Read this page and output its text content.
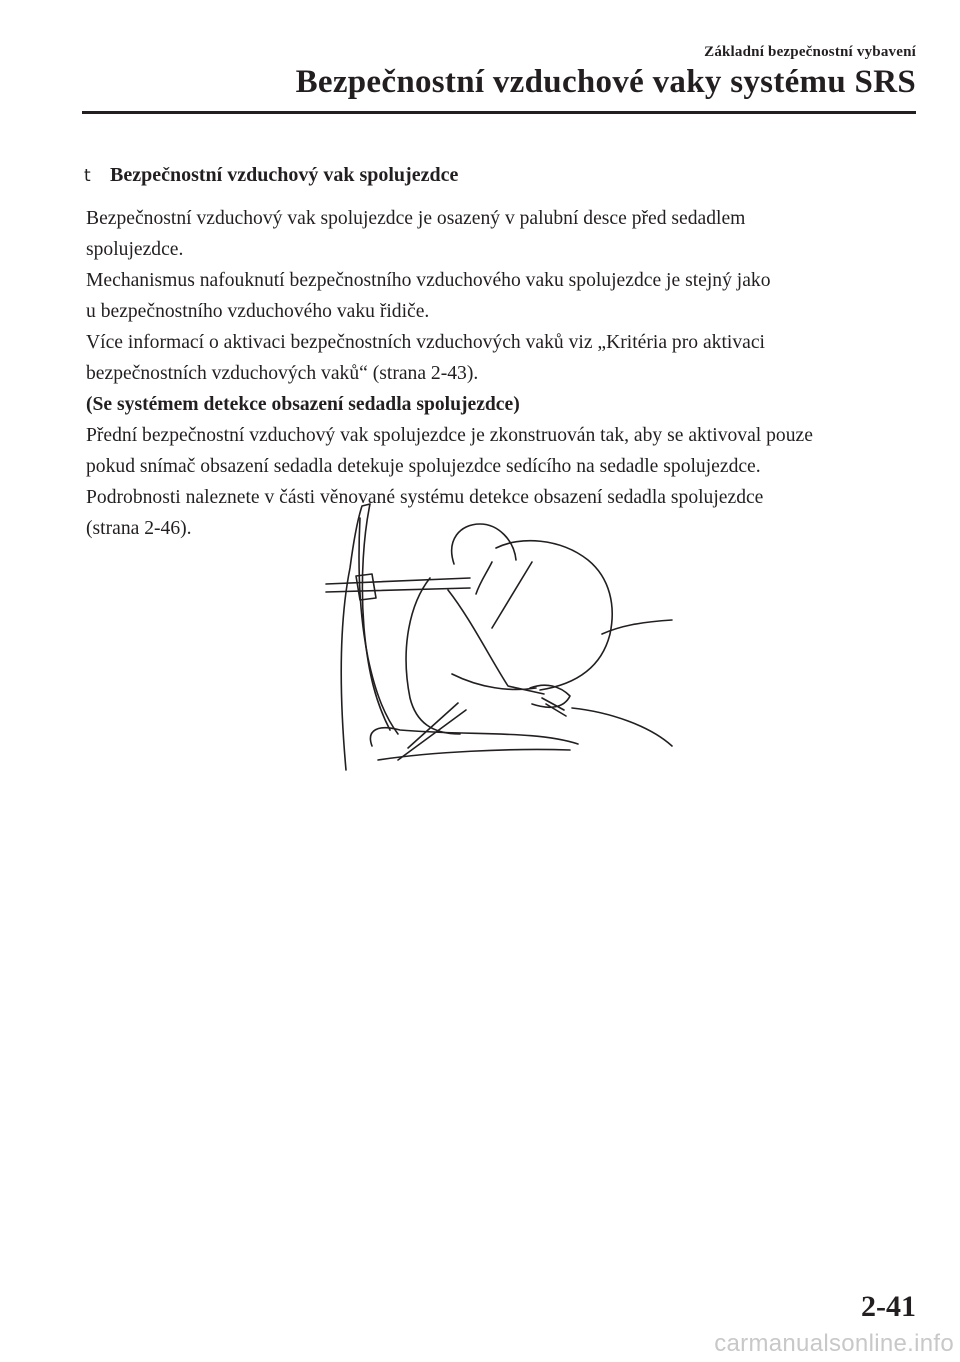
Základní bezpečnostní vybavení
Bezpečnostní vzduchové vaky systému SRS
t Bezpečnostní vzduchový vak spolujezdce

Bezpečnostní vzduchový vak spolujezdce je osazený v palubní desce před sedadlem

spolujezdce.

Mechanismus nafouknutí bezpečnostního vzduchového vaku spolujezdce je stejný jako

u bezpečnostního vzduchového vaku řidiče.

Více informací o aktivaci bezpečnostních vzduchových vaků viz „Kritéria pro aktivaci

bezpečnostních vzduchových vaků“ (strana 2-43).

(Se systémem detekce obsazení sedadla spolujezdce)

Přední bezpečnostní vzduchový vak spolujezdce je zkonstruován tak, aby se aktivoval pouze

pokud snímač obsazení sedadla detekuje spolujezdce sedícího na sedadle spolujezdce.

Podrobnosti naleznete v části věnované systému detekce obsazení sedadla spolujezdce

(strana 2-46).

2-41
carmanualsonline.info
